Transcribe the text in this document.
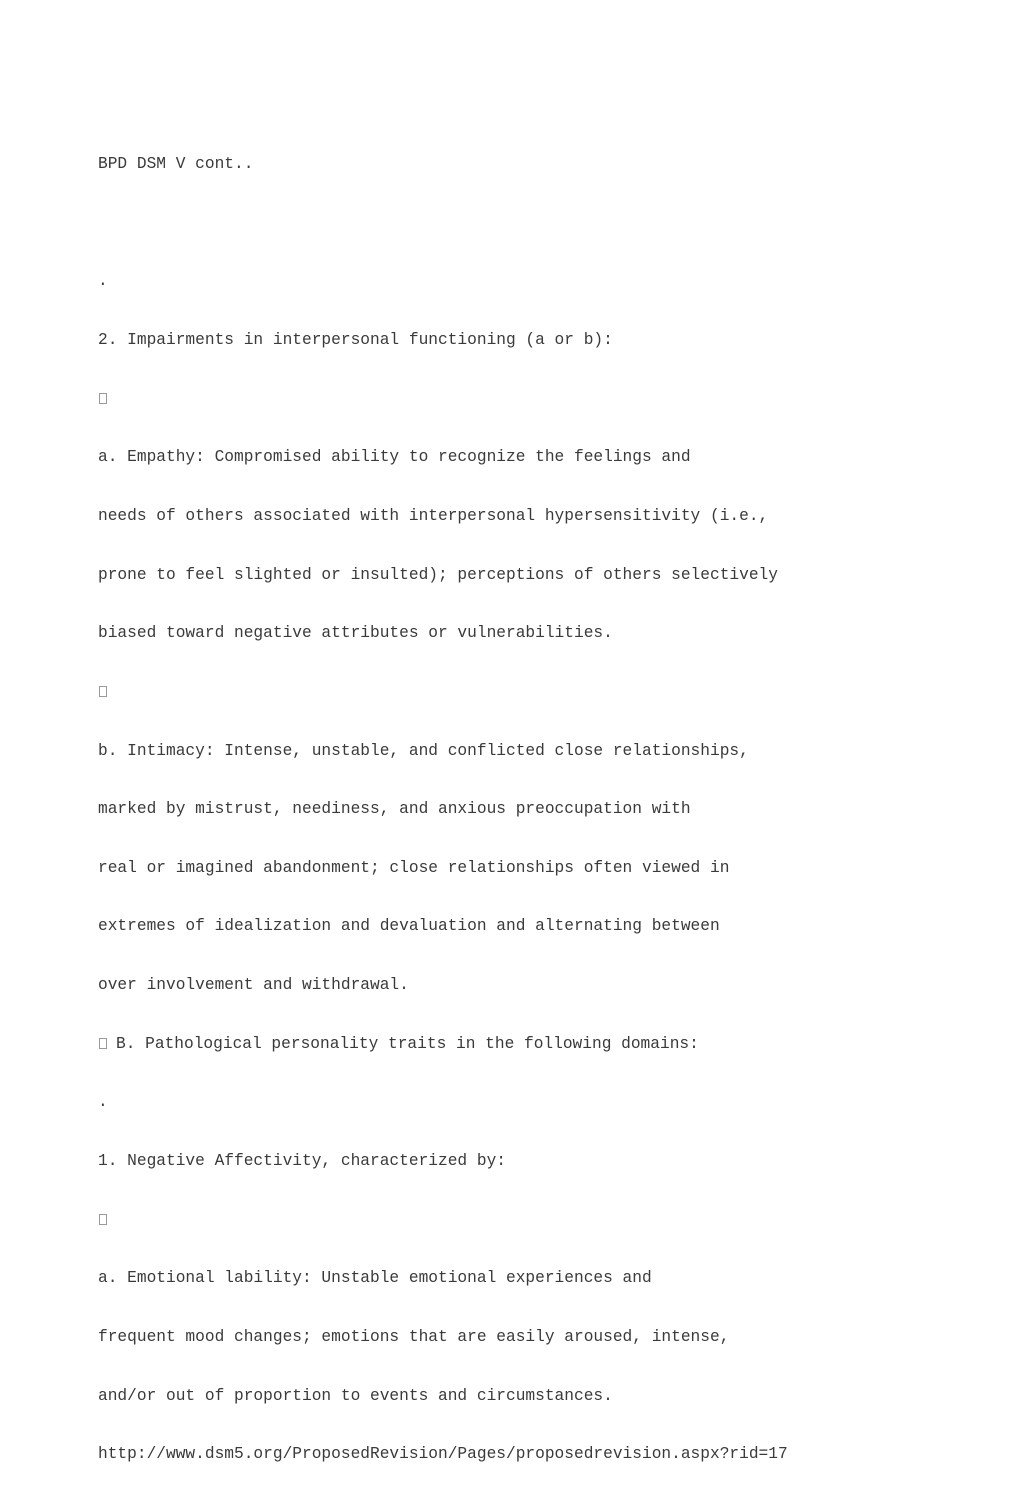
BPD DSM V cont..

.

2. Impairments in interpersonal functioning (a or b):

a. Empathy: Compromised ability to recognize the feelings and

needs of others associated with interpersonal hypersensitivity (i.e.,

prone to feel slighted or insulted); perceptions of others selectively

biased toward negative attributes or vulnerabilities.

b. Intimacy: Intense, unstable, and conflicted close relationships,

marked by mistrust, neediness, and anxious preoccupation with

real or imagined abandonment; close relationships often viewed in

extremes of idealization and devaluation and alternating between

over involvement and withdrawal.

B. Pathological personality traits in the following domains:

.

1. Negative Affectivity, characterized by:

a. Emotional lability: Unstable emotional experiences and

frequent mood changes; emotions that are easily aroused, intense,

and/or out of proportion to events and circumstances.

http://www.dsm5.org/ProposedRevision/Pages/proposedrevision.aspx?rid=17
